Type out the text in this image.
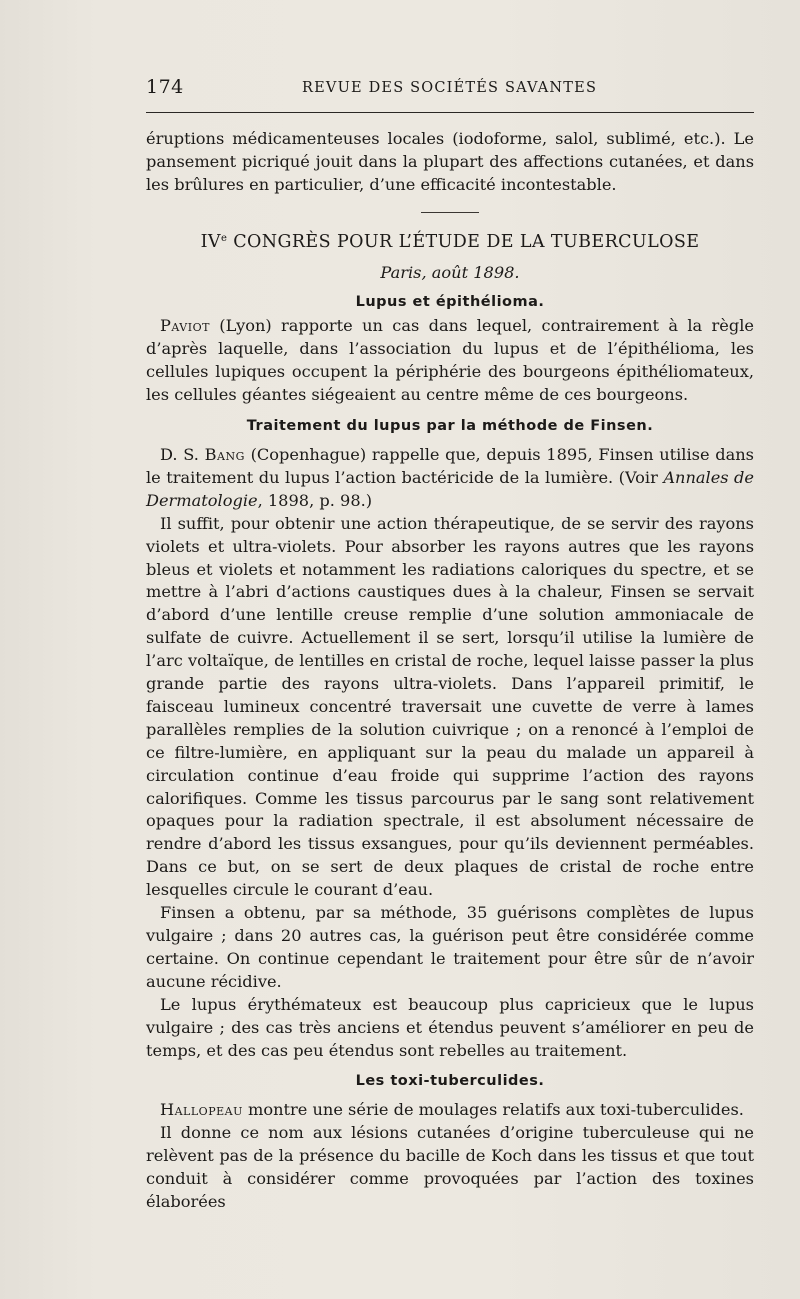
174	REVUE DES SOCIÉTÉS SAVANTES

éruptions médicamenteuses locales (iodoforme, salol, sublimé, etc.). Le pansement picriqué jouit dans la plupart des affections cutanées, et dans les brûlures en particulier, d’une efficacité incontestable.

IVe CONGRÈS POUR L’ÉTUDE DE LA TUBERCULOSE
Paris, août 1898.
Lupus et épithélioma.

Paviot (Lyon) rapporte un cas dans lequel, contrairement à la règle d’après laquelle, dans l’association du lupus et de l’épithélioma, les cellules lupiques occupent la périphérie des bourgeons épithéliomateux, les cellules géantes siégeaient au centre même de ces bourgeons.

Traitement du lupus par la méthode de Finsen.

D. S. Bang (Copenhague) rappelle que, depuis 1895, Finsen utilise dans le traitement du lupus l’action bactéricide de la lumière. (Voir Annales de Dermatologie, 1898, p. 98.)

Il suffit, pour obtenir une action thérapeutique, de se servir des rayons violets et ultra-violets. Pour absorber les rayons autres que les rayons bleus et violets et notamment les radiations caloriques du spectre, et se mettre à l’abri d’actions caustiques dues à la chaleur, Finsen se servait d’abord d’une lentille creuse remplie d’une solution ammoniacale de sulfate de cuivre. Actuellement il se sert, lorsqu’il utilise la lumière de l’arc voltaïque, de lentilles en cristal de roche, lequel laisse passer la plus grande partie des rayons ultra-violets. Dans l’appareil primitif, le faisceau lumineux concentré traversait une cuvette de verre à lames parallèles remplies de la solution cuivrique ; on a renoncé à l’emploi de ce filtre-lumière, en appliquant sur la peau du malade un appareil à circulation continue d’eau froide qui supprime l’action des rayons calorifiques. Comme les tissus parcourus par le sang sont relativement opaques pour la radiation spectrale, il est absolument nécessaire de rendre d’abord les tissus exsangues, pour qu’ils deviennent perméables. Dans ce but, on se sert de deux plaques de cristal de roche entre lesquelles circule le courant d’eau.

Finsen a obtenu, par sa méthode, 35 guérisons complètes de lupus vulgaire ; dans 20 autres cas, la guérison peut être considérée comme certaine. On continue cependant le traitement pour être sûr de n’avoir aucune récidive.

Le lupus érythémateux est beaucoup plus capricieux que le lupus vulgaire ; des cas très anciens et étendus peuvent s’améliorer en peu de temps, et des cas peu étendus sont rebelles au traitement.

Les toxi-tuberculides.

Hallopeau montre une série de moulages relatifs aux toxi-tuberculides.

Il donne ce nom aux lésions cutanées d’origine tuberculeuse qui ne relèvent pas de la présence du bacille de Koch dans les tissus et que tout conduit à considérer comme provoquées par l’action des toxines élaborées
